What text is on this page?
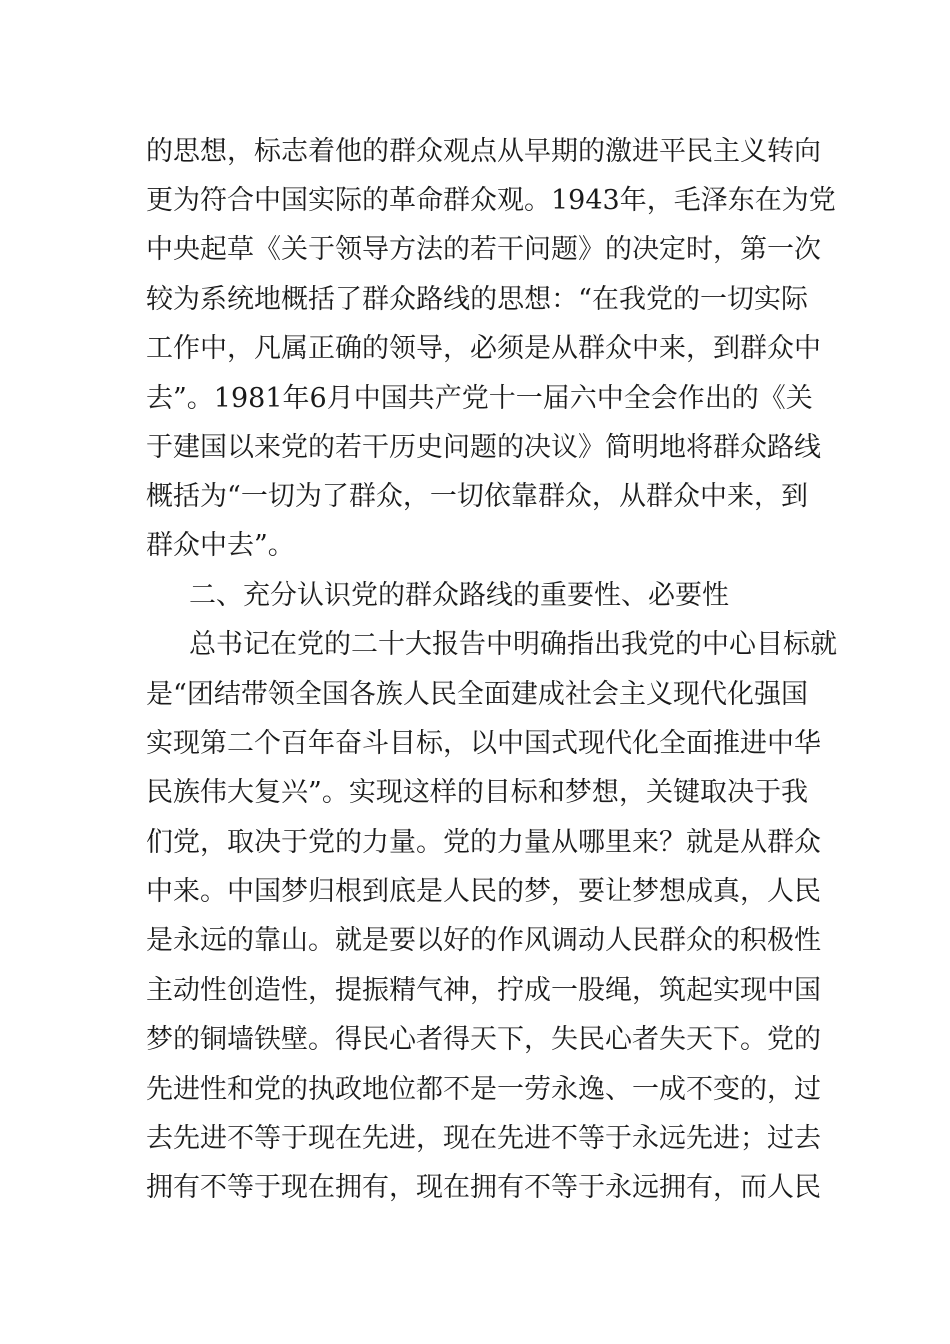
的思想，标志着他的群众观点从早期的激进平民主义转向
更为符合中国实际的革命群众观。1943年，毛泽东在为党
中央起草《关于领导方法的若干问题》的决定时，第一次
较为系统地概括了群众路线的思想：“在我党的一切实际
工作中，凡属正确的领导，必须是从群众中来，到群众中
去”。1981年6月中国共产党十一届六中全会作出的《关
于建国以来党的若干历史问题的决议》简明地将群众路线
概括为“一切为了群众，一切依靠群众，从群众中来，到
群众中去”。
二、充分认识党的群众路线的重要性、必要性
总书记在党的二十大报告中明确指出我党的中心目标就
是“团结带领全国各族人民全面建成社会主义现代化强国
实现第二个百年奋斗目标，以中国式现代化全面推进中华
民族伟大复兴”。实现这样的目标和梦想，关键取决于我
们党，取决于党的力量。党的力量从哪里来？就是从群众
中来。中国梦归根到底是人民的梦，要让梦想成真，人民
是永远的靠山。就是要以好的作风调动人民群众的积极性
主动性创造性，提振精气神，拧成一股绳，筑起实现中国
梦的铜墙铁壁。得民心者得天下，失民心者失天下。党的
先进性和党的执政地位都不是一劳永逸、一成不变的，过
去先进不等于现在先进，现在先进不等于永远先进；过去
拥有不等于现在拥有，现在拥有不等于永远拥有，而人民
